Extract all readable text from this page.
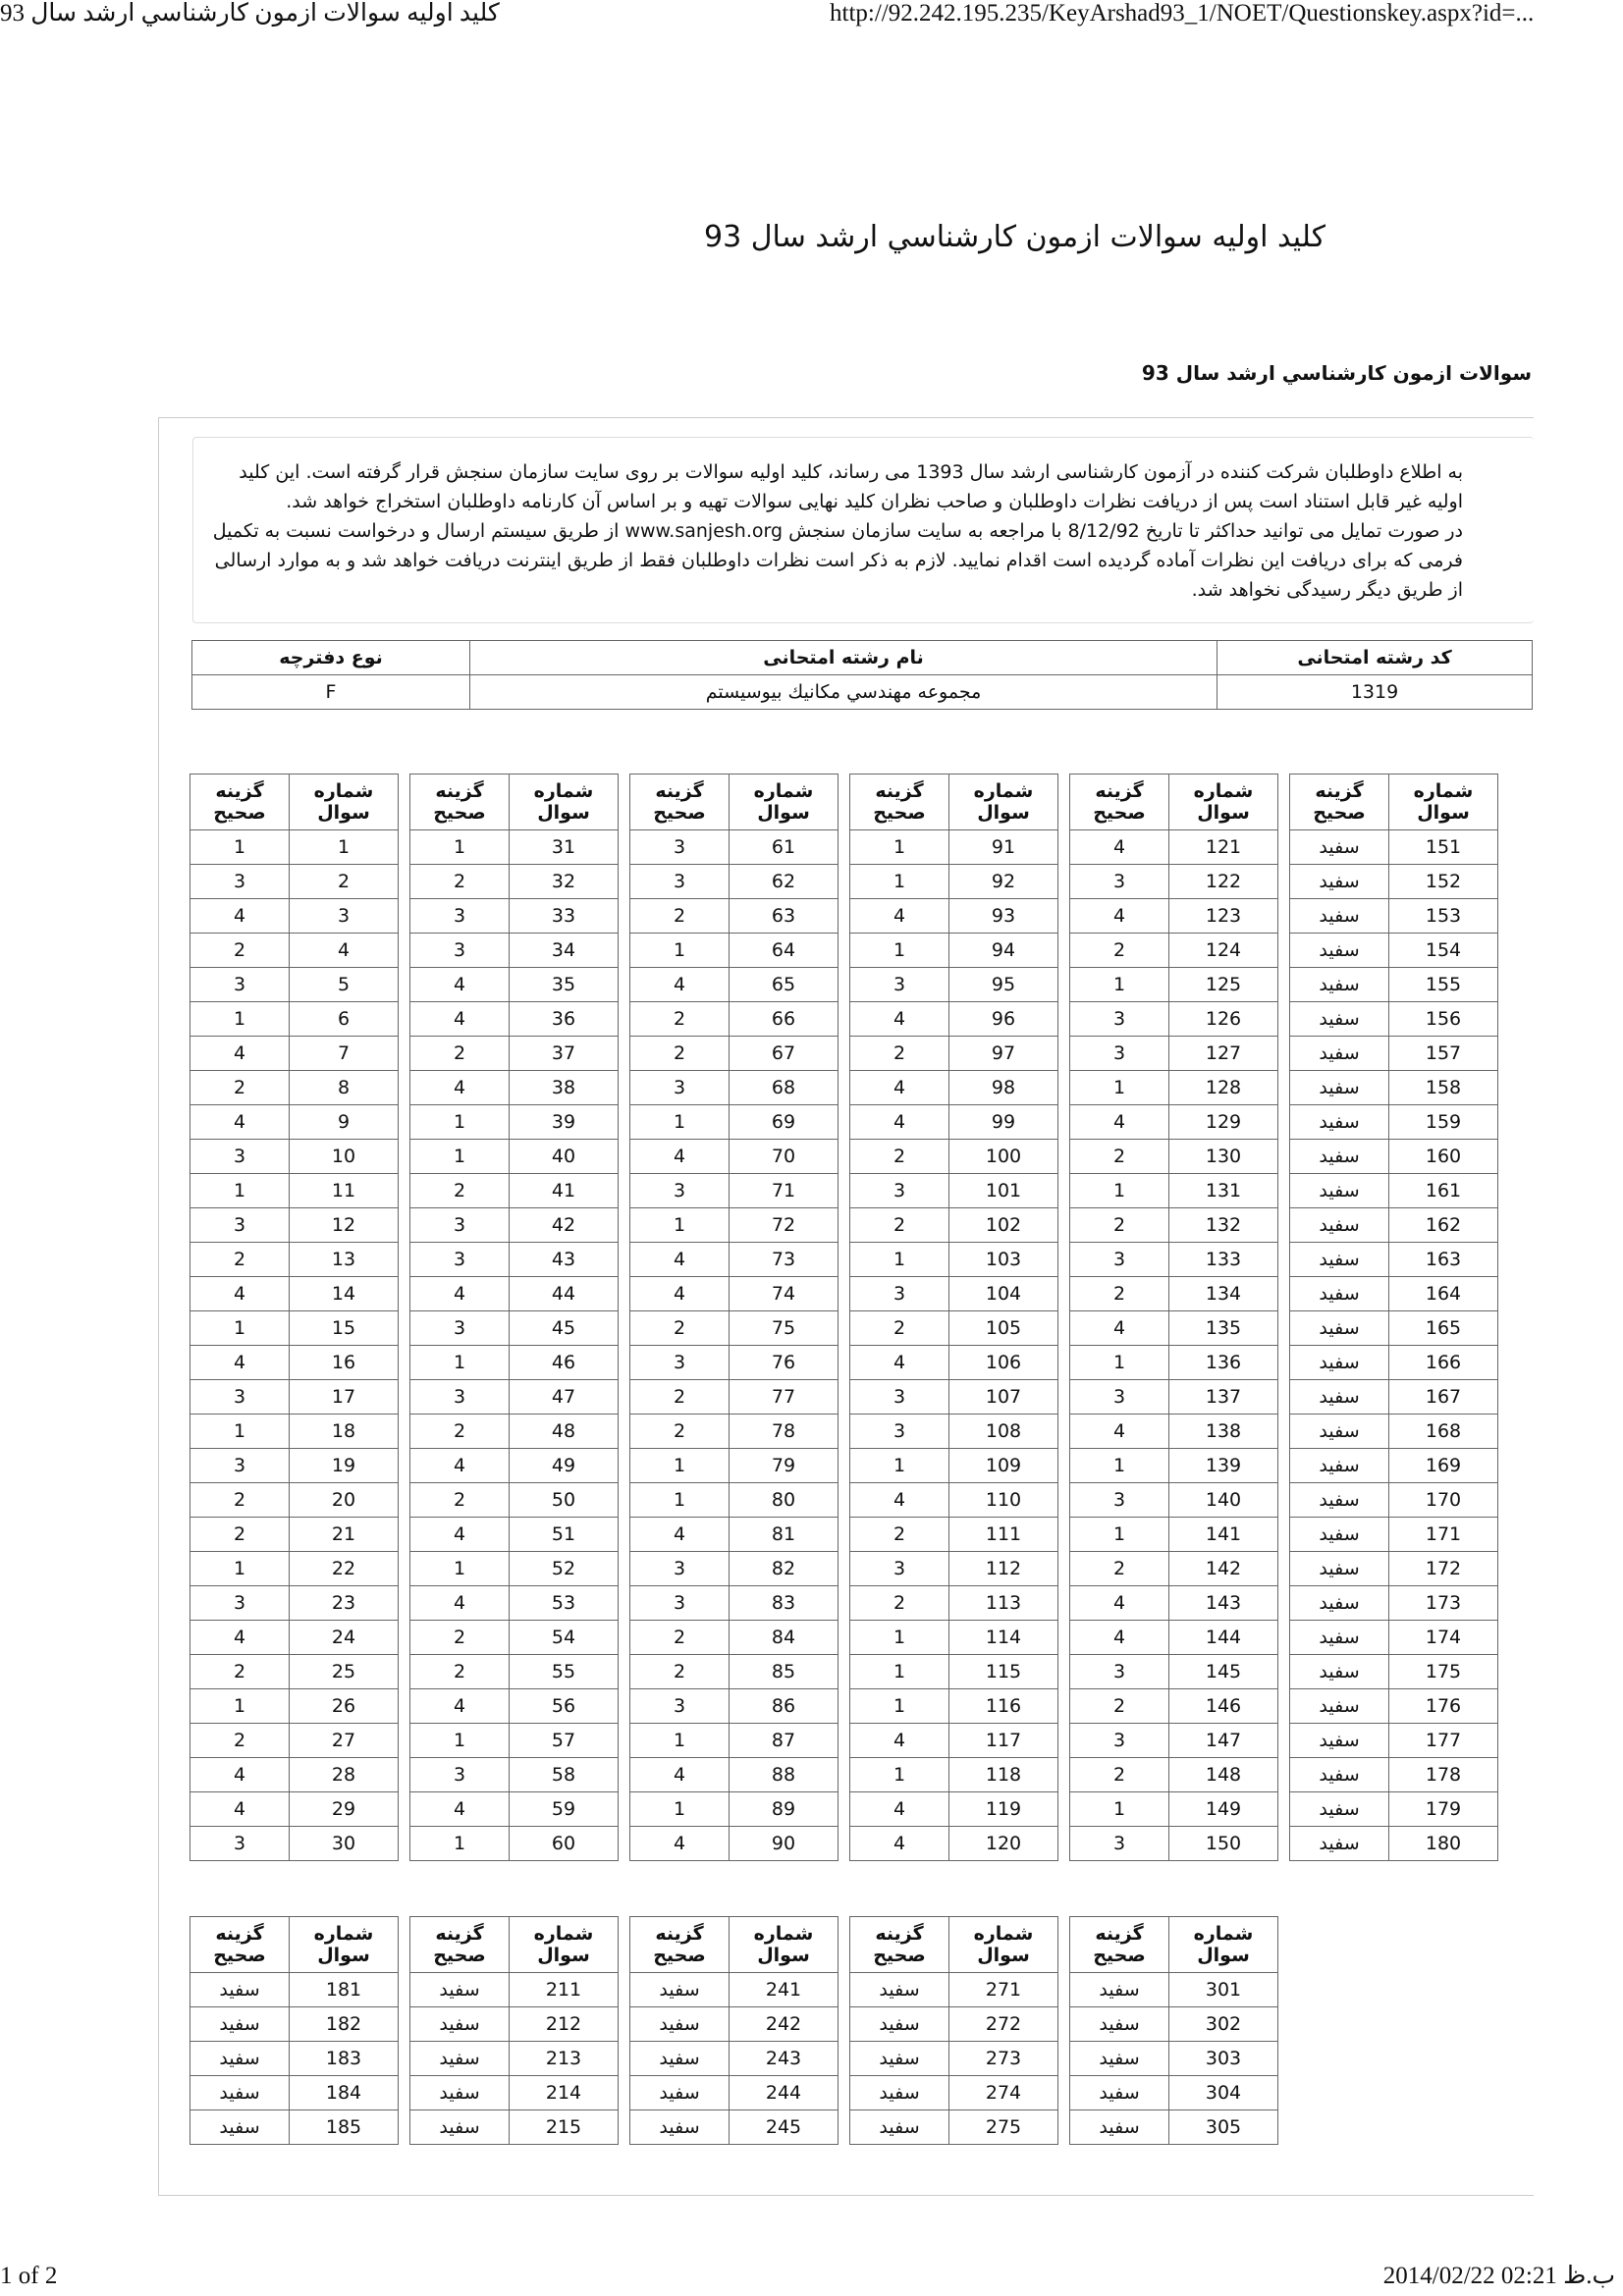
كليد اوليه سوالات ازمون كارشناسي ارشد سال 93	http://92.242.195.235/KeyArshad93_1/NOET/Questionskey.aspx?id=...
كليد اوليه سوالات ازمون كارشناسي ارشد سال 93
سوالات ازمون كارشناسي ارشد سال 93

به اطلاع داوطلبان شرکت کننده در آزمون کارشناسی ارشد سال 1393 می رساند، کلید اولیه سوالات بر روی سایت سازمان سنجش قرار گرفته است. این کلید اولیه غیر قابل استناد است پس از دریافت نظرات داوطلبان و صاحب نظران کلید نهایی سوالات تهیه و بر اساس آن کارنامه داوطلبان استخراج خواهد شد.

در صورت تمایل می توانید حداکثر تا تاریخ 8/12/92 با مراجعه به سایت سازمان سنجش www.sanjesh.org از طریق سیستم ارسال و درخواست نسبت به تکمیل فرمی که برای دریافت این نظرات آماده گردیده است اقدام نمایید. لازم به ذکر است نظرات داوطلبان فقط از طریق اینترنت دریافت خواهد شد و به موارد ارسالی از طریق دیگر رسیدگی نخواهد شد.

کد رشته امتحانی	نام رشته امتحانی	نوع دفترچه
1319	مجموعه مهندسي مكانيك بيوسيستم	F
شماره سوال	گزینه صحیح
1	1
2	3
3	4
4	2
5	3
6	1
7	4
8	2
9	4
10	3
11	1
12	3
13	2
14	4
15	1
16	4
17	3
18	1
19	3
20	2
21	2
22	1
23	3
24	4
25	2
26	1
27	2
28	4
29	4
30	3
شماره سوال	گزینه صحیح
31	1
32	2
33	3
34	3
35	4
36	4
37	2
38	4
39	1
40	1
41	2
42	3
43	3
44	4
45	3
46	1
47	3
48	2
49	4
50	2
51	4
52	1
53	4
54	2
55	2
56	4
57	1
58	3
59	4
60	1
شماره سوال	گزینه صحیح
61	3
62	3
63	2
64	1
65	4
66	2
67	2
68	3
69	1
70	4
71	3
72	1
73	4
74	4
75	2
76	3
77	2
78	2
79	1
80	1
81	4
82	3
83	3
84	2
85	2
86	3
87	1
88	4
89	1
90	4
شماره سوال	گزینه صحیح
91	1
92	1
93	4
94	1
95	3
96	4
97	2
98	4
99	4
100	2
101	3
102	2
103	1
104	3
105	2
106	4
107	3
108	3
109	1
110	4
111	2
112	3
113	2
114	1
115	1
116	1
117	4
118	1
119	4
120	4
شماره سوال	گزینه صحیح
121	4
122	3
123	4
124	2
125	1
126	3
127	3
128	1
129	4
130	2
131	1
132	2
133	3
134	2
135	4
136	1
137	3
138	4
139	1
140	3
141	1
142	2
143	4
144	4
145	3
146	2
147	3
148	2
149	1
150	3
شماره سوال	گزینه صحیح
151	سفید
152	سفید
153	سفید
154	سفید
155	سفید
156	سفید
157	سفید
158	سفید
159	سفید
160	سفید
161	سفید
162	سفید
163	سفید
164	سفید
165	سفید
166	سفید
167	سفید
168	سفید
169	سفید
170	سفید
171	سفید
172	سفید
173	سفید
174	سفید
175	سفید
176	سفید
177	سفید
178	سفید
179	سفید
180	سفید
شماره سوال	گزینه صحیح
181	سفید
182	سفید
183	سفید
184	سفید
185	سفید
شماره سوال	گزینه صحیح
211	سفید
212	سفید
213	سفید
214	سفید
215	سفید
شماره سوال	گزینه صحیح
241	سفید
242	سفید
243	سفید
244	سفید
245	سفید
شماره سوال	گزینه صحیح
271	سفید
272	سفید
273	سفید
274	سفید
275	سفید
شماره سوال	گزینه صحیح
301	سفید
302	سفید
303	سفید
304	سفید
305	سفید
1 of 2	2014/02/22 02:21 ب.ظ
